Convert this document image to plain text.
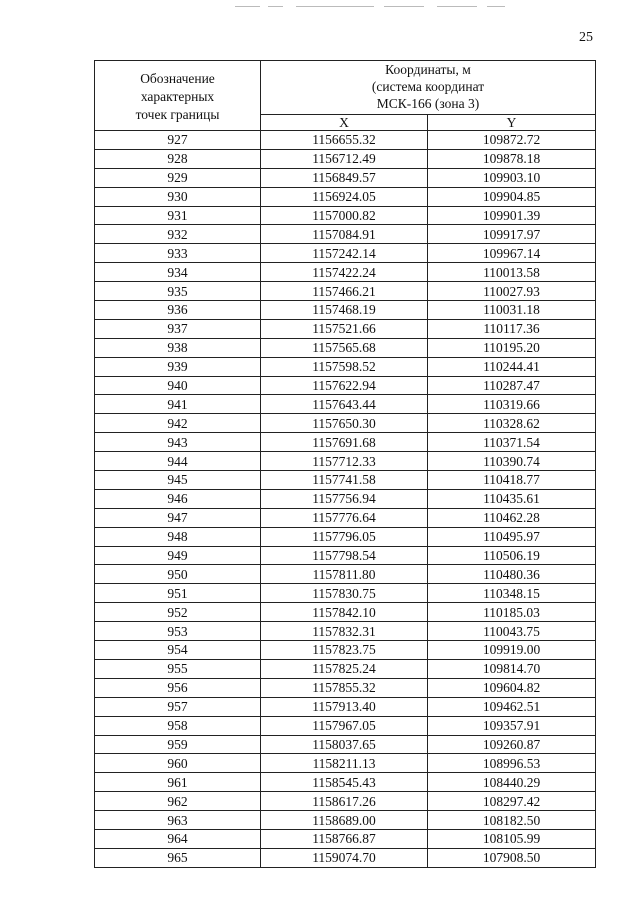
25
Обозначение
характерных
точек границы	Координаты, м
(система координат
МСК-166 (зона 3)	

	X	Y
927	1156655.32	109872.72
928	1156712.49	109878.18
929	1156849.57	109903.10
930	1156924.05	109904.85
931	1157000.82	109901.39
932	1157084.91	109917.97
933	1157242.14	109967.14
934	1157422.24	110013.58
935	1157466.21	110027.93
936	1157468.19	110031.18
937	1157521.66	110117.36
938	1157565.68	110195.20
939	1157598.52	110244.41
940	1157622.94	110287.47
941	1157643.44	110319.66
942	1157650.30	110328.62
943	1157691.68	110371.54
944	1157712.33	110390.74
945	1157741.58	110418.77
946	1157756.94	110435.61
947	1157776.64	110462.28
948	1157796.05	110495.97
949	1157798.54	110506.19
950	1157811.80	110480.36
951	1157830.75	110348.15
952	1157842.10	110185.03
953	1157832.31	110043.75
954	1157823.75	109919.00
955	1157825.24	109814.70
956	1157855.32	109604.82
957	1157913.40	109462.51
958	1157967.05	109357.91
959	1158037.65	109260.87
960	1158211.13	108996.53
961	1158545.43	108440.29
962	1158617.26	108297.42
963	1158689.00	108182.50
964	1158766.87	108105.99
965	1159074.70	107908.50
